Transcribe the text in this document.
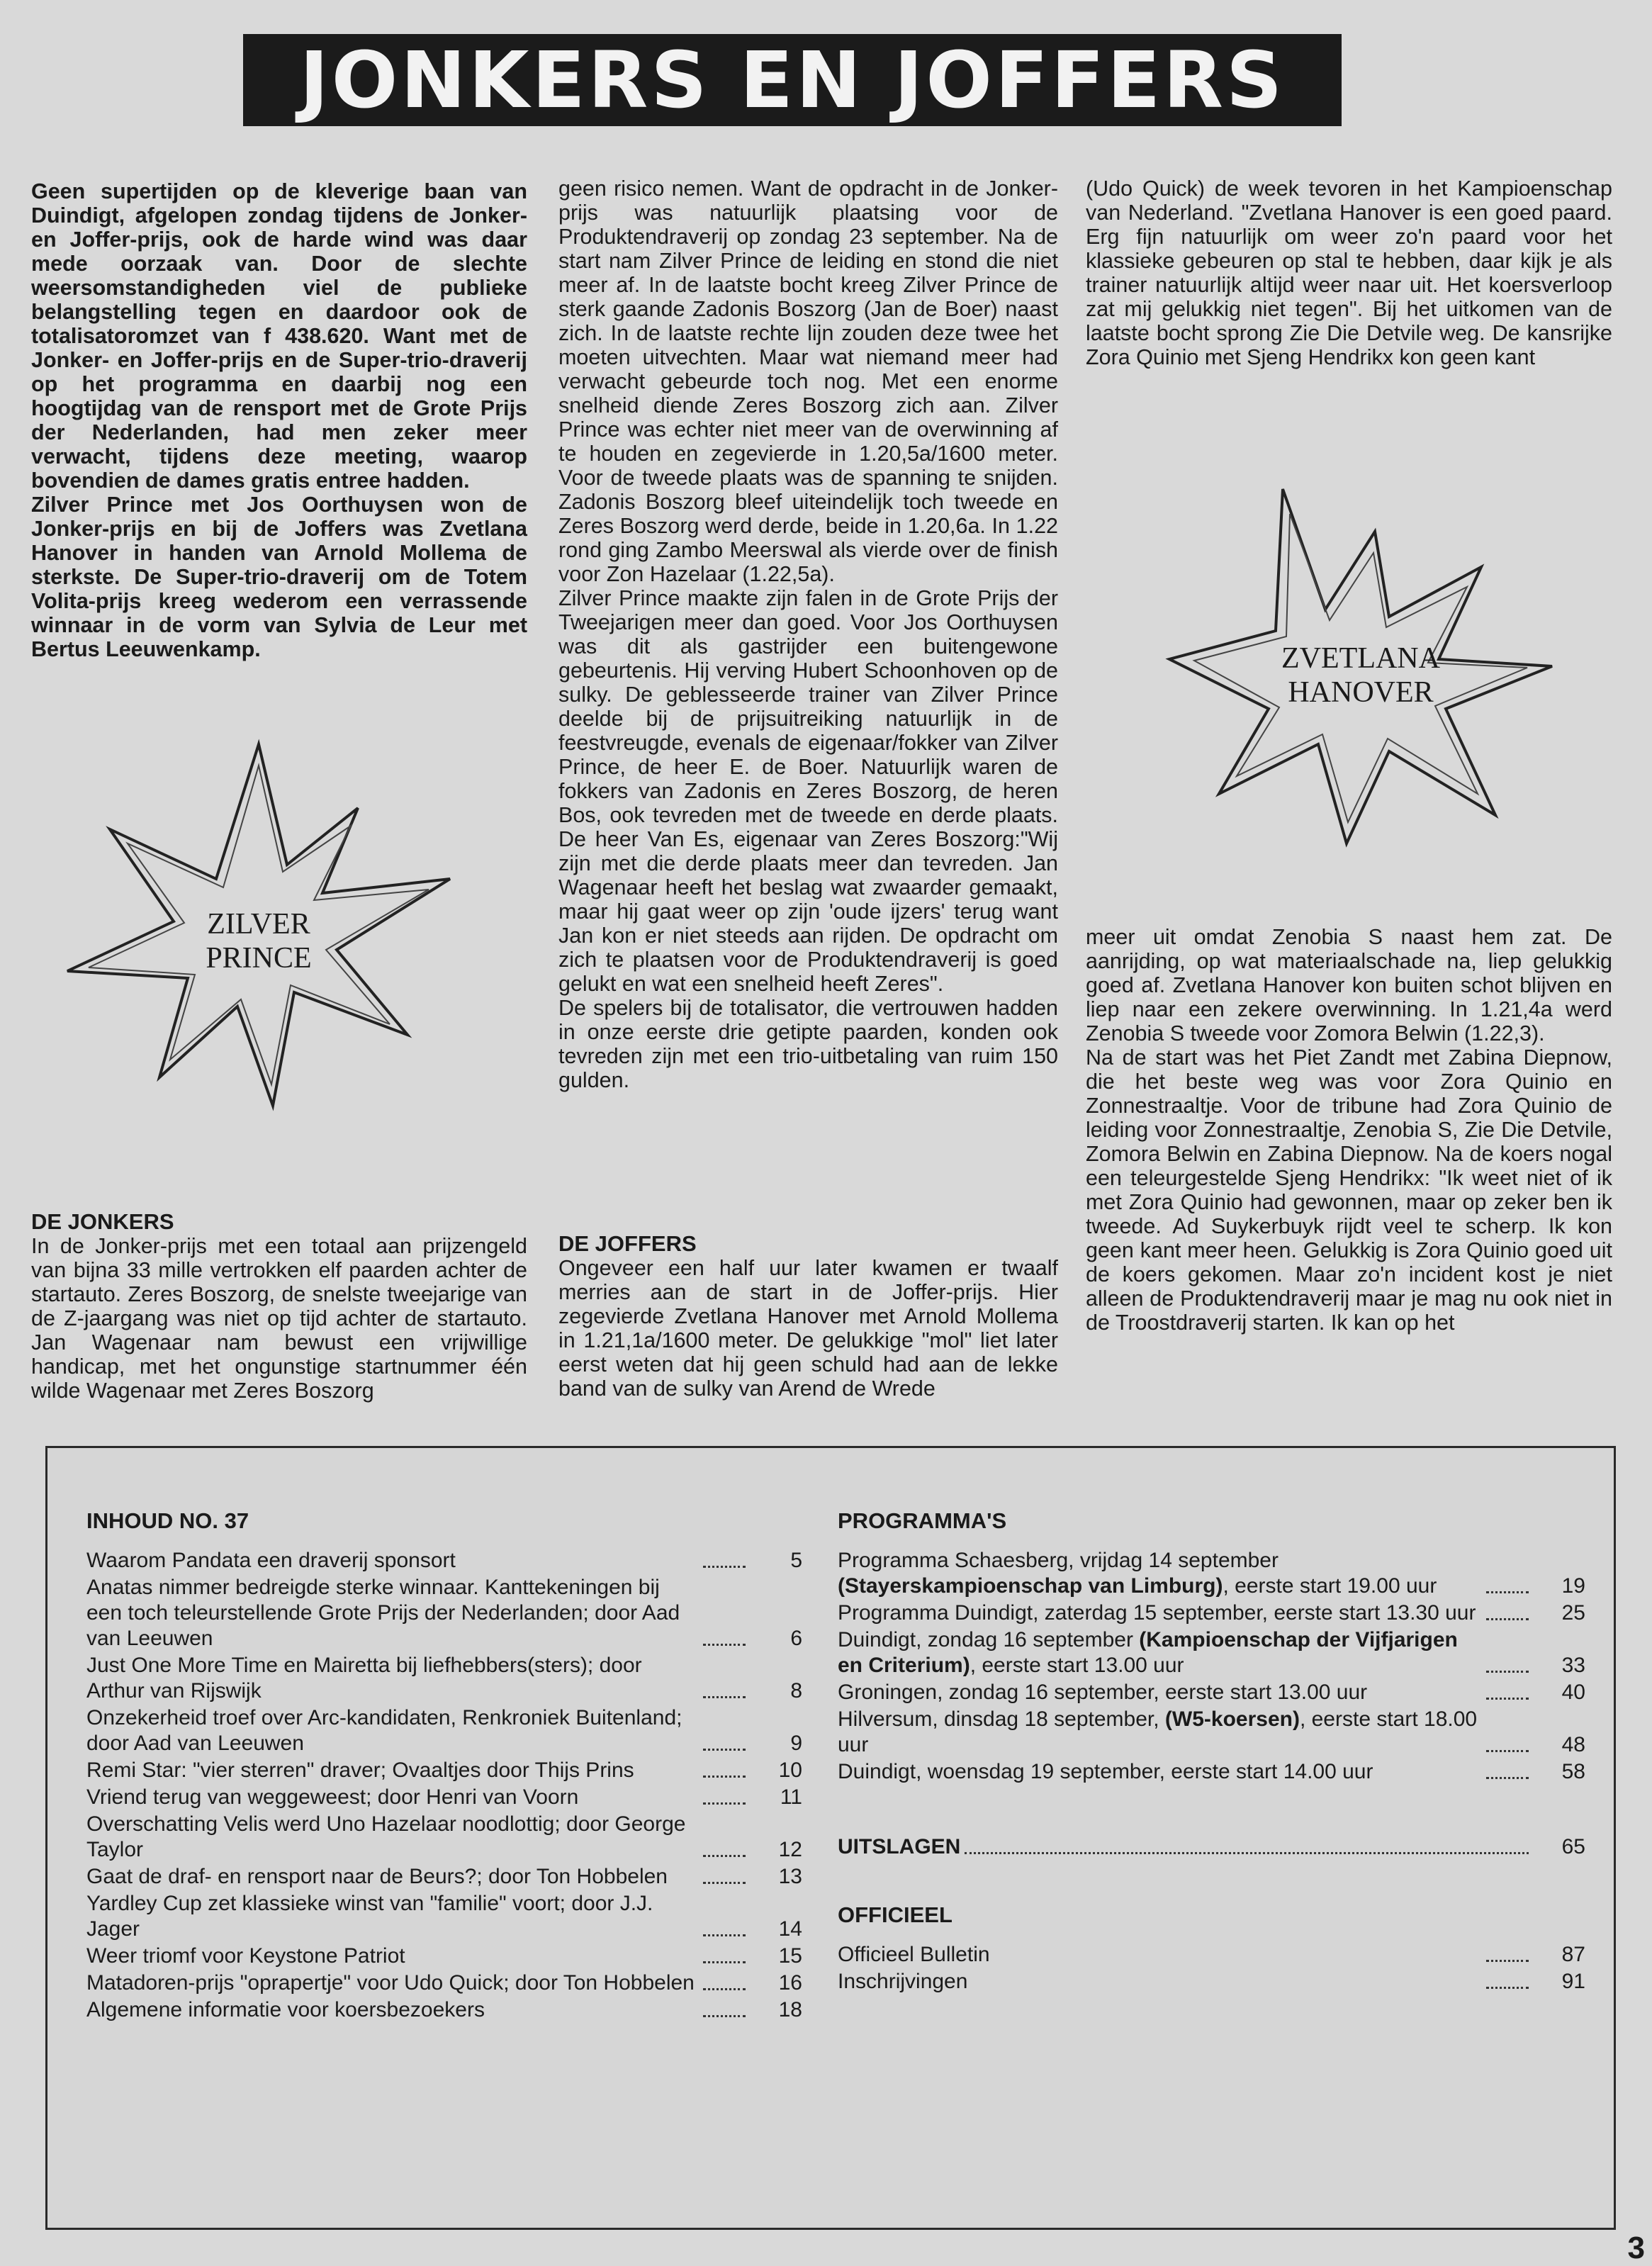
JONKERS EN JOFFERS

Geen supertijden op de kleverige baan van Duindigt, afgelopen zondag tijdens de Jonker- en Joffer-prijs, ook de harde wind was daar mede oorzaak van. Door de slechte weersomstandigheden viel de publieke belangstelling tegen en daardoor ook de totalisatoromzet van f 438.620. Want met de Jonker- en Joffer-prijs en de Super-trio-draverij op het programma en daarbij nog een hoogtijdag van de rensport met de Grote Prijs der Nederlanden, had men zeker meer verwacht, tijdens deze meeting, waarop bovendien de dames gratis entree hadden.

Zilver Prince met Jos Oorthuysen won de Jonker-prijs en bij de Joffers was Zvetlana Hanover in handen van Arnold Mollema de sterkste. De Super-trio-draverij om de Totem Volita-prijs kreeg wederom een verrassende winnaar in de vorm van Sylvia de Leur met Bertus Leeuwenkamp.

ZILVER
PRINCE

DE JONKERS

In de Jonker-prijs met een totaal aan prijzengeld van bijna 33 mille vertrokken elf paarden achter de startauto. Zeres Boszorg, de snelste tweejarige van de Z-jaargang was niet op tijd achter de startauto. Jan Wagenaar nam bewust een vrijwillige handicap, met het ongunstige startnummer één wilde Wagenaar met Zeres Boszorg

geen risico nemen. Want de opdracht in de Jonker-prijs was natuurlijk plaatsing voor de Produktendraverij op zondag 23 september. Na de start nam Zilver Prince de leiding en stond die niet meer af. In de laatste bocht kreeg Zilver Prince de sterk gaande Zadonis Boszorg (Jan de Boer) naast zich. In de laatste rechte lijn zouden deze twee het moeten uitvechten. Maar wat niemand meer had verwacht gebeurde toch nog. Met een enorme snelheid diende Zeres Boszorg zich aan. Zilver Prince was echter niet meer van de overwinning af te houden en zegevierde in 1.20,5a/1600 meter. Voor de tweede plaats was de spanning te snijden. Zadonis Boszorg bleef uiteindelijk toch tweede en Zeres Boszorg werd derde, beide in 1.20,6a. In 1.22 rond ging Zambo Meerswal als vierde over de finish voor Zon Hazelaar (1.22,5a).

Zilver Prince maakte zijn falen in de Grote Prijs der Tweejarigen meer dan goed. Voor Jos Oorthuysen was dit als gastrijder een buitengewone gebeurtenis. Hij verving Hubert Schoonhoven op de sulky. De geblesseerde trainer van Zilver Prince deelde bij de prijsuitreiking natuurlijk in de feestvreugde, evenals de eigenaar/fokker van Zilver Prince, de heer E. de Boer. Natuurlijk waren de fokkers van Zadonis en Zeres Boszorg, de heren Bos, ook tevreden met de tweede en derde plaats. De heer Van Es, eigenaar van Zeres Boszorg:"Wij zijn met die derde plaats meer dan tevreden. Jan Wagenaar heeft het beslag wat zwaarder gemaakt, maar hij gaat weer op zijn 'oude ijzers' terug want Jan kon er niet steeds aan rijden. De opdracht om zich te plaatsen voor de Produktendraverij is goed gelukt en wat een snelheid heeft Zeres".

De spelers bij de totalisator, die vertrouwen hadden in onze eerste drie getipte paarden, konden ook tevreden zijn met een trio-uitbetaling van ruim 150 gulden.

DE JOFFERS

Ongeveer een half uur later kwamen er twaalf merries aan de start in de Joffer-prijs. Hier zegevierde Zvetlana Hanover met Arnold Mollema in 1.21,1a/1600 meter. De gelukkige "mol" liet later eerst weten dat hij geen schuld had aan de lekke band van de sulky van Arend de Wrede

(Udo Quick) de week tevoren in het Kampioenschap van Nederland. "Zvetlana Hanover is een goed paard. Erg fijn natuurlijk om weer zo'n paard voor het klassieke gebeuren op stal te hebben, daar kijk je als trainer natuurlijk altijd weer naar uit. Het koersverloop zat mij gelukkig niet tegen". Bij het uitkomen van de laatste bocht sprong Zie Die Detvile weg. De kansrijke Zora Quinio met Sjeng Hendrikx kon geen kant

ZVETLANA
HANOVER

meer uit omdat Zenobia S naast hem zat. De aanrijding, op wat materiaalschade na, liep gelukkig goed af. Zvetlana Hanover kon buiten schot blijven en liep naar een zekere overwinning. In 1.21,4a werd Zenobia S tweede voor Zomora Belwin (1.22,3).

Na de start was het Piet Zandt met Zabina Diepnow, die het beste weg was voor Zora Quinio en Zonnestraaltje. Voor de tribune had Zora Quinio de leiding voor Zonnestraaltje, Zenobia S, Zie Die Detvile, Zomora Belwin en Zabina Diepnow. Na de koers nogal een teleurgestelde Sjeng Hendrikx: "Ik weet niet of ik met Zora Quinio had gewonnen, maar op zeker ben ik tweede. Ad Suykerbuyk rijdt veel te scherp. Ik kon geen kant meer heen. Gelukkig is Zora Quinio goed uit de koers gekomen. Maar zo'n incident kost je niet alleen de Produktendraverij maar je mag nu ook niet in de Troostdraverij starten. Ik kan op het

INHOUD NO. 37

Waarom Pandata een draverij sponsort	5
Anatas nimmer bedreigde sterke winnaar. Kanttekeningen bij een toch teleurstellende Grote Prijs der Nederlanden; door Aad van Leeuwen	6
Just One More Time en Mairetta bij liefhebbers(sters); door Arthur van Rijswijk	8
Onzekerheid troef over Arc-kandidaten, Renkroniek Buitenland; door Aad van Leeuwen	9
Remi Star: "vier sterren" draver; Ovaaltjes door Thijs Prins	10
Vriend terug van weggeweest; door Henri van Voorn	11
Overschatting Velis werd Uno Hazelaar noodlottig; door George Taylor	12
Gaat de draf- en rensport naar de Beurs?; door Ton Hobbelen	13
Yardley Cup zet klassieke winst van "familie" voort; door J.J. Jager	14
Weer triomf voor Keystone Patriot	15
Matadoren-prijs "oprapertje" voor Udo Quick; door Ton Hobbelen	16
Algemene informatie voor koersbezoekers	18

PROGRAMMA'S

Programma Schaesberg, vrijdag 14 september (Stayerskampioenschap van Limburg), eerste start 19.00 uur	19
Programma Duindigt, zaterdag 15 september, eerste start 13.30 uur	25
Duindigt, zondag 16 september (Kampioenschap der Vijfjarigen en Criterium), eerste start 13.00 uur	33
Groningen, zondag 16 september, eerste start 13.00 uur	40
Hilversum, dinsdag 18 september, (W5-koersen), eerste start 18.00 uur	48
Duindigt, woensdag 19 september, eerste start 14.00 uur	58
UITSLAGEN	65

OFFICIEEL

Officieel Bulletin	87
Inschrijvingen	91
3
